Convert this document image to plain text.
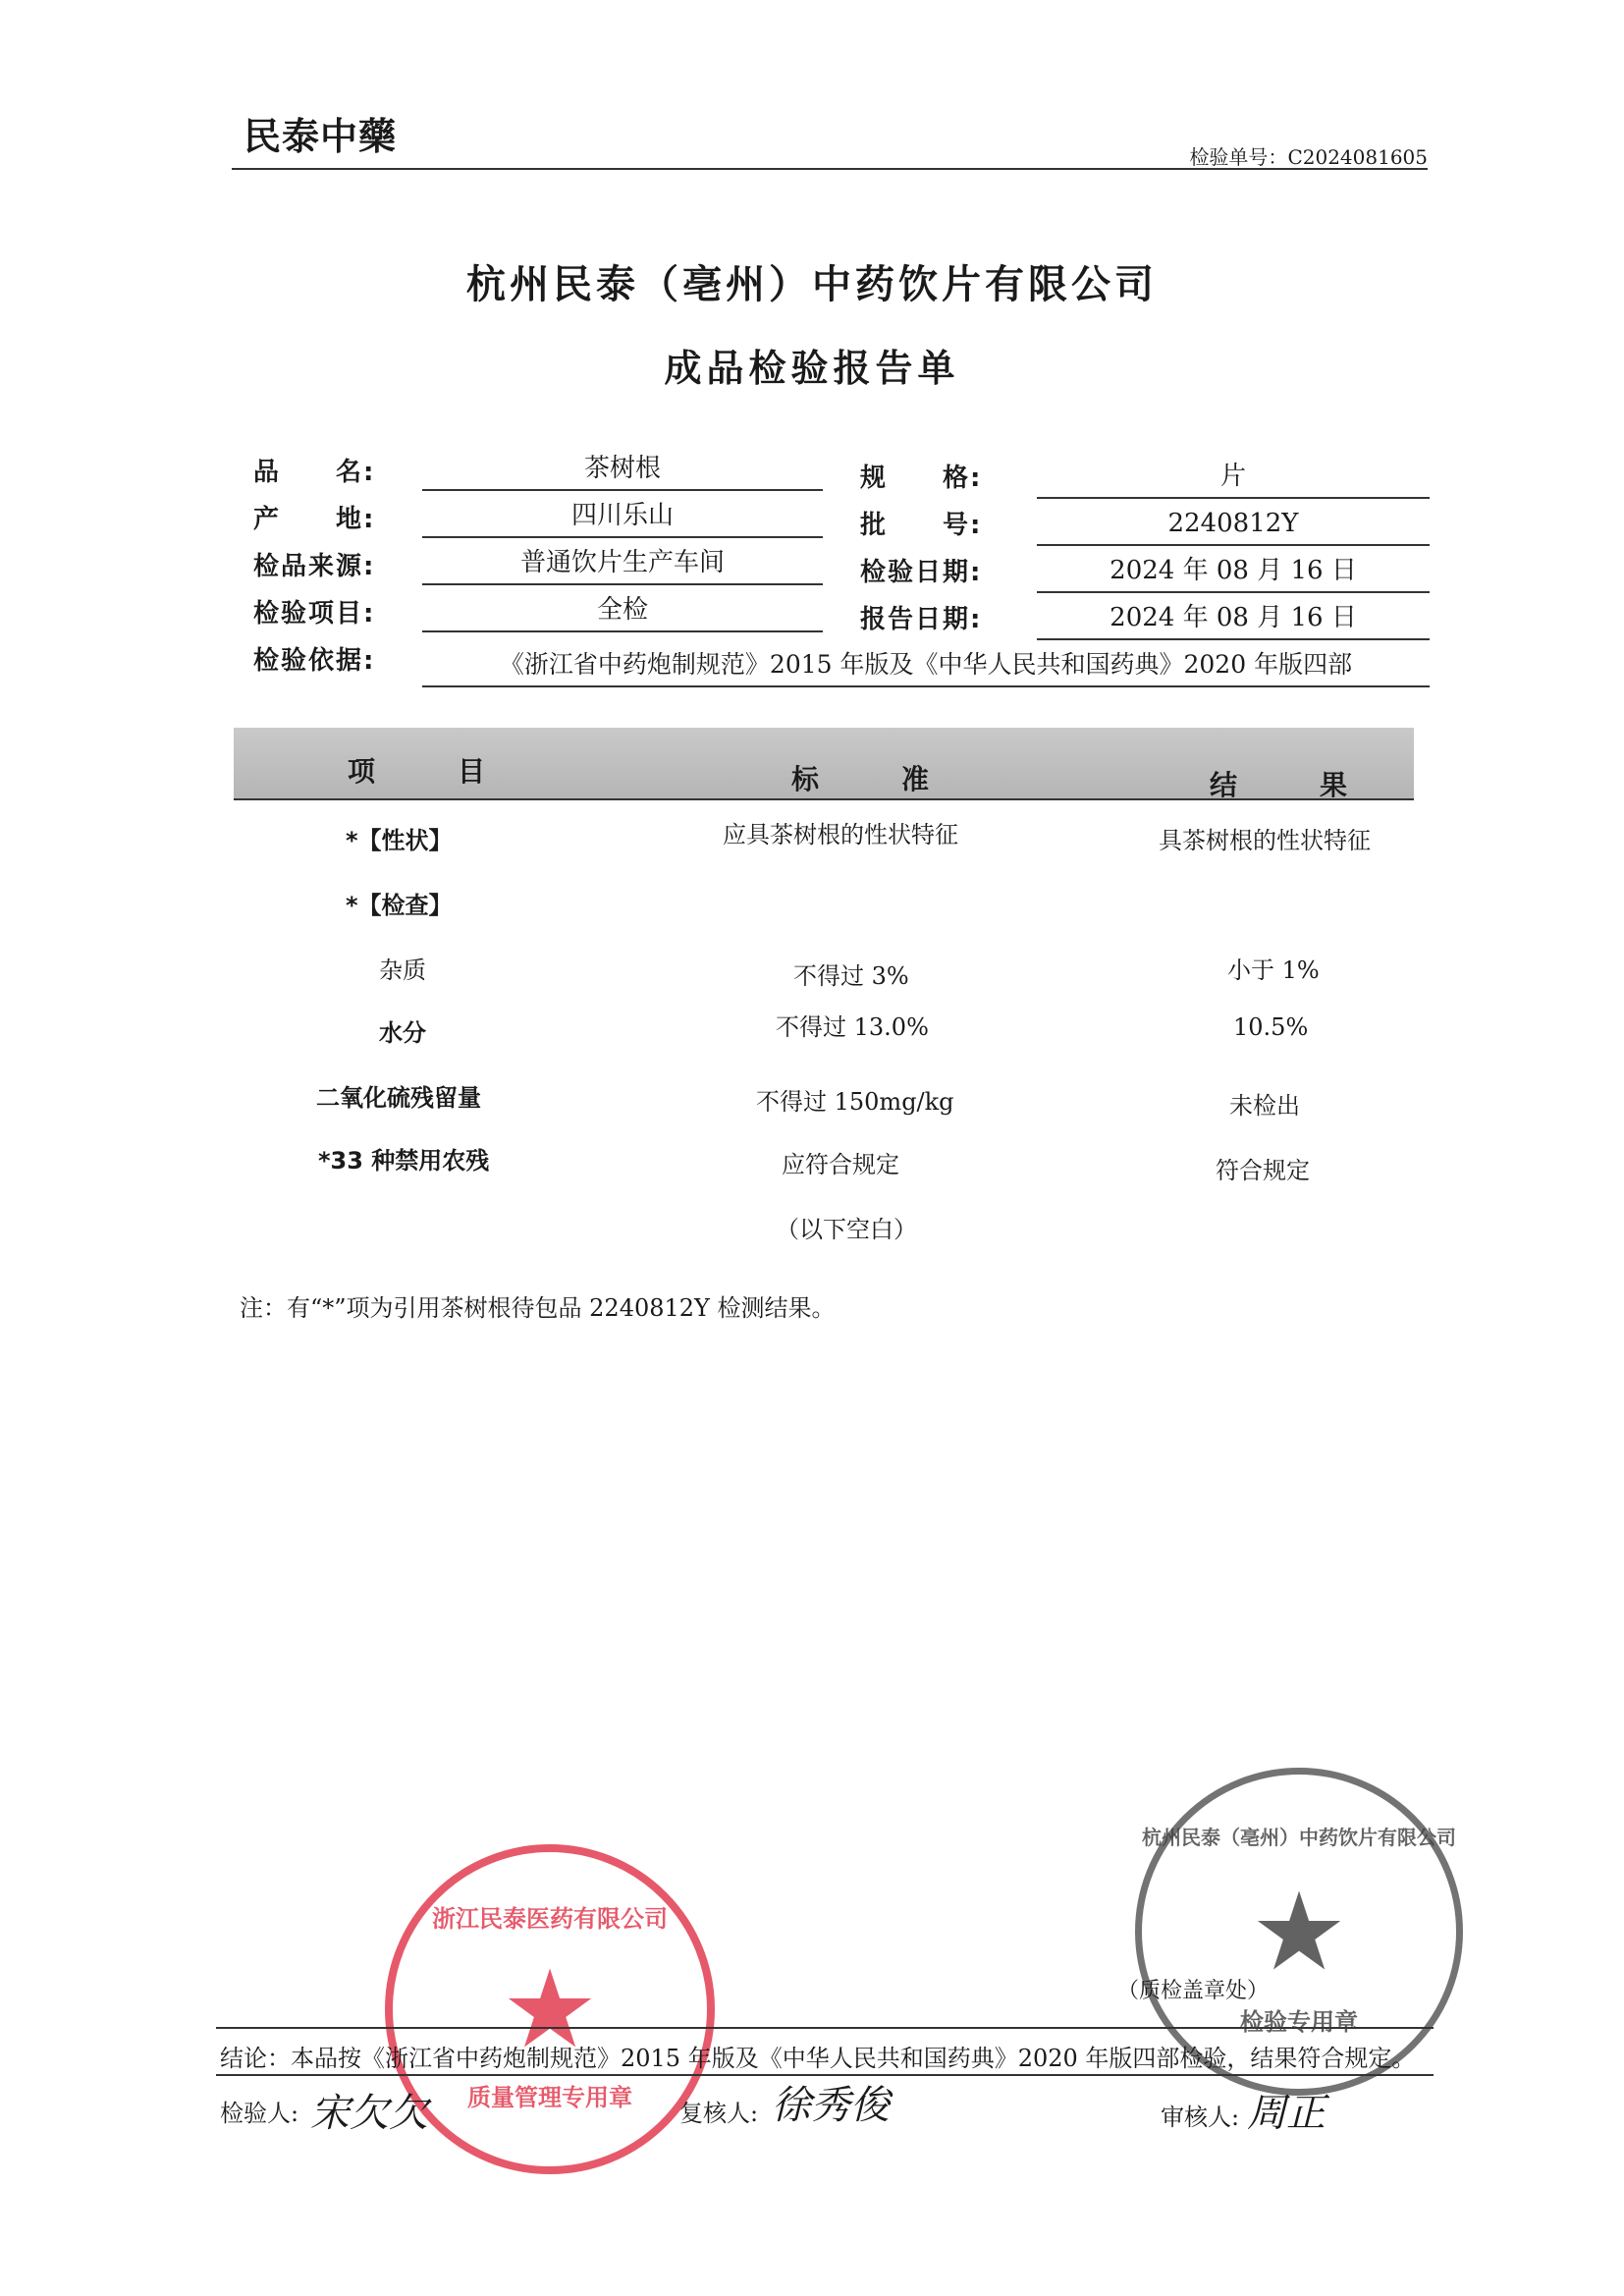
民泰中藥	检验单号：C2024081605
杭州民泰（亳州）中药饮片有限公司
成品检验报告单
品　　名:	茶树根	规　　格:	片
产　　地:	四川乐山	批　　号:	2240812Y
检品来源:	普通饮片生产车间	检验日期:	2024 年 08 月 16 日
检验项目:	全检	报告日期:	2024 年 08 月 16 日
检验依据:	《浙江省中药炮制规范》2015 年版及《中华人民共和国药典》2020 年版四部
项　目	标　准	结　果
*【性状】	应具茶树根的性状特征	具茶树根的性状特征
*【检查】
杂质	不得过 3%	小于 1%
水分	不得过 13.0%	10.5%
二氧化硫残留量	不得过 150mg/kg	未检出
*33 种禁用农残	应符合规定	符合规定
（以下空白）
注：有“*”项为引用茶树根待包品 2240812Y 检测结果。
浙江民泰医药有限公司
★
质量管理专用章
杭州民泰（亳州）中药饮片有限公司
★
检验专用章
（质检盖章处）
结论：本品按《浙江省中药炮制规范》2015 年版及《中华人民共和国药典》2020 年版四部检验，结果符合规定。
检验人: 宋欠欠	复核人: 徐秀俊	审核人: 周正
